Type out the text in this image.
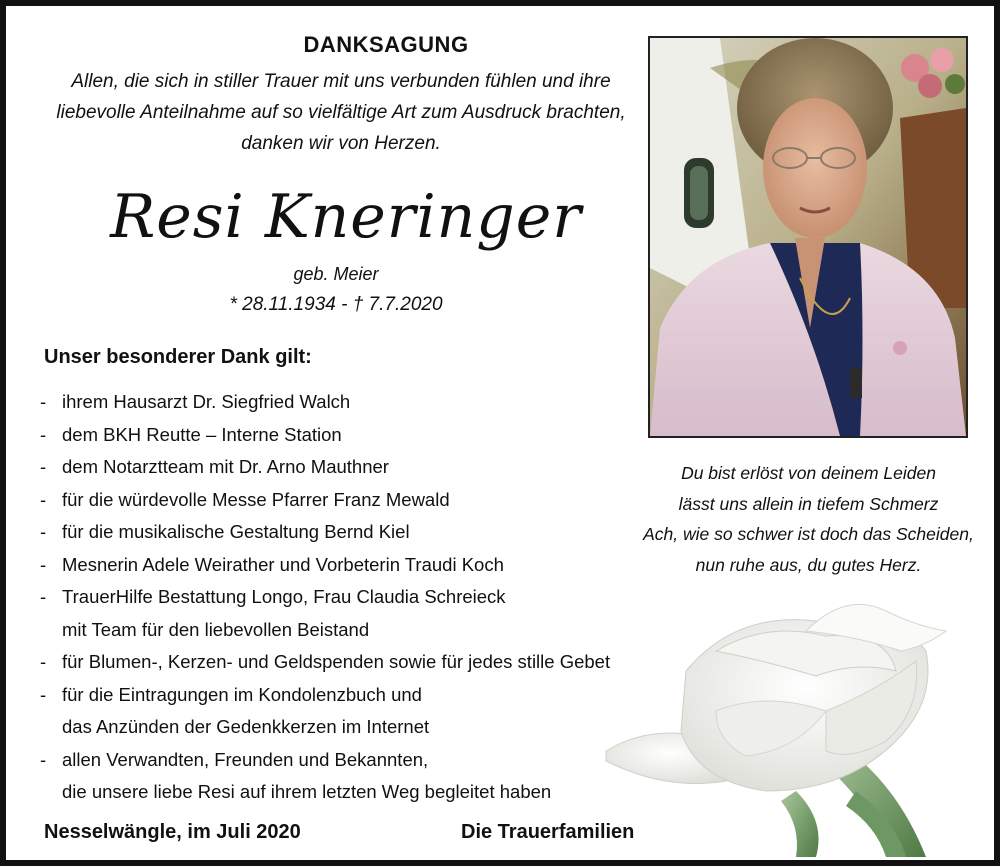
DANKSAGUNG
Allen, die sich in stiller Trauer mit uns verbunden fühlen und ihre
liebevolle Anteilnahme auf so vielfältige Art zum Ausdruck brachten,
danken wir von Herzen.
Resi Kneringer
geb. Meier
* 28.11.1934 - † 7.7.2020
Unser besonderer Dank gilt:
- ihrem Hausarzt Dr. Siegfried Walch
- dem BKH Reutte – Interne Station
- dem Notarztteam mit Dr. Arno Mauthner
- für die würdevolle Messe Pfarrer Franz Mewald
- für die musikalische Gestaltung Bernd Kiel
- Mesnerin Adele Weirather und Vorbeterin Traudi Koch
- TrauerHilfe Bestattung Longo, Frau Claudia Schreieck
mit Team für den liebevollen Beistand
- für Blumen-, Kerzen- und Geldspenden sowie für jedes stille Gebet
- für die Eintragungen im Kondolenzbuch und
das Anzünden der Gedenkkerzen im Internet
- allen Verwandten, Freunden und Bekannten,
die unsere liebe Resi auf ihrem letzten Weg begleitet haben
Nesselwängle, im Juli 2020	Die Trauerfamilien
Du bist erlöst von deinem Leiden
lässt uns allein in tiefem Schmerz
Ach, wie so schwer ist doch das Scheiden,
nun ruhe aus, du gutes Herz.
